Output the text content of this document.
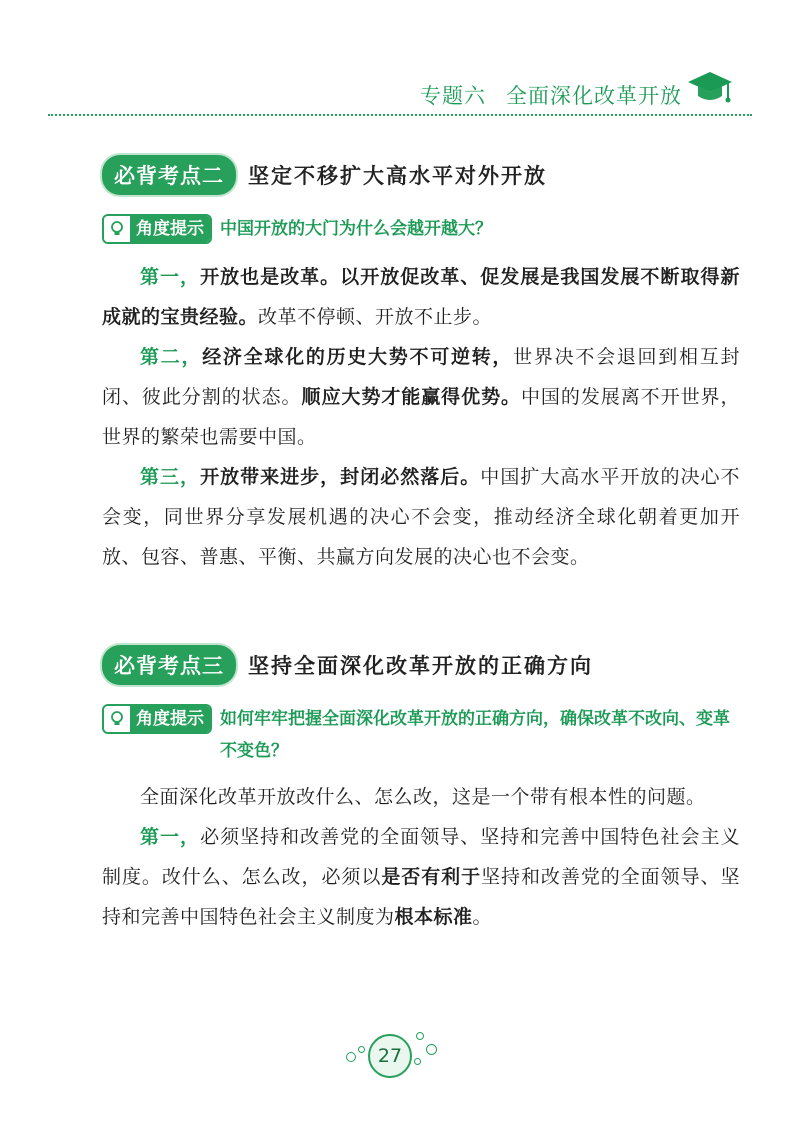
专题六 全面深化改革开放
必背考点二	坚定不移扩大高水平对外开放
角度提示 中国开放的大门为什么会越开越大？

第一，开放也是改革。以开放促改革、促发展是我国发展不断取得新成就的宝贵经验。改革不停顿、开放不止步。

第二，经济全球化的历史大势不可逆转，世界决不会退回到相互封闭、彼此分割的状态。顺应大势才能赢得优势。中国的发展离不开世界，世界的繁荣也需要中国。

第三，开放带来进步，封闭必然落后。中国扩大高水平开放的决心不会变，同世界分享发展机遇的决心不会变，推动经济全球化朝着更加开放、包容、普惠、平衡、共赢方向发展的决心也不会变。

必背考点三	坚持全面深化改革开放的正确方向
角度提示 如何牢牢把握全面深化改革开放的正确方向，确保改革不改向、变革不变色？

全面深化改革开放改什么、怎么改，这是一个带有根本性的问题。

第一，必须坚持和改善党的全面领导、坚持和完善中国特色社会主义制度。改什么、怎么改，必须以是否有利于坚持和改善党的全面领导、坚持和完善中国特色社会主义制度为根本标准。

27
